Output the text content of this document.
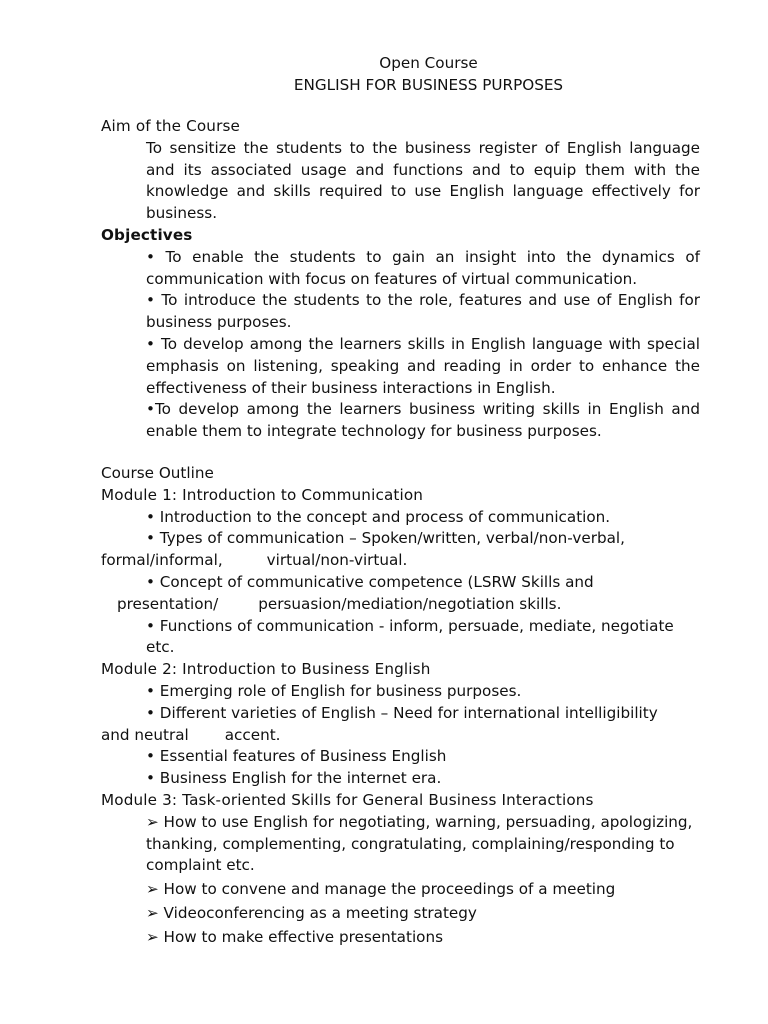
Open Course
ENGLISH FOR BUSINESS PURPOSES
Aim of the Course
To sensitize the students to the business register of English language and its associated usage and functions and to equip them with the knowledge and skills required to use English language effectively for business.
Objectives
• To enable the students to gain an insight into the dynamics of communication with focus on features of virtual communication.
• To introduce the students to the role, features and use of English for business purposes.
• To develop among the learners skills in English language with special emphasis on listening, speaking and reading in order to enhance the effectiveness of their business interactions in English.
•To develop among the learners business writing skills in English and enable them to integrate technology for business purposes.
Course Outline
Module 1: Introduction to Communication
• Introduction to the concept and process of communication.
• Types of communication – Spoken/written, verbal/non-verbal,
formal/informal,	virtual/non-virtual.
• Concept of communicative competence (LSRW Skills and
presentation/	persuasion/mediation/negotiation skills.
• Functions of communication - inform, persuade, mediate, negotiate etc.
Module 2: Introduction to Business English
• Emerging role of English for business purposes.
• Different varieties of English – Need for international intelligibility
and neutral accent.
• Essential features of Business English
• Business English for the internet era.
Module 3: Task-oriented Skills for General Business Interactions
➢ How to use English for negotiating, warning, persuading, apologizing, thanking, complementing, congratulating, complaining/responding to complaint etc.
➢ How to convene and manage the proceedings of a meeting
➢ Videoconferencing as a meeting strategy
➢ How to make effective presentations
